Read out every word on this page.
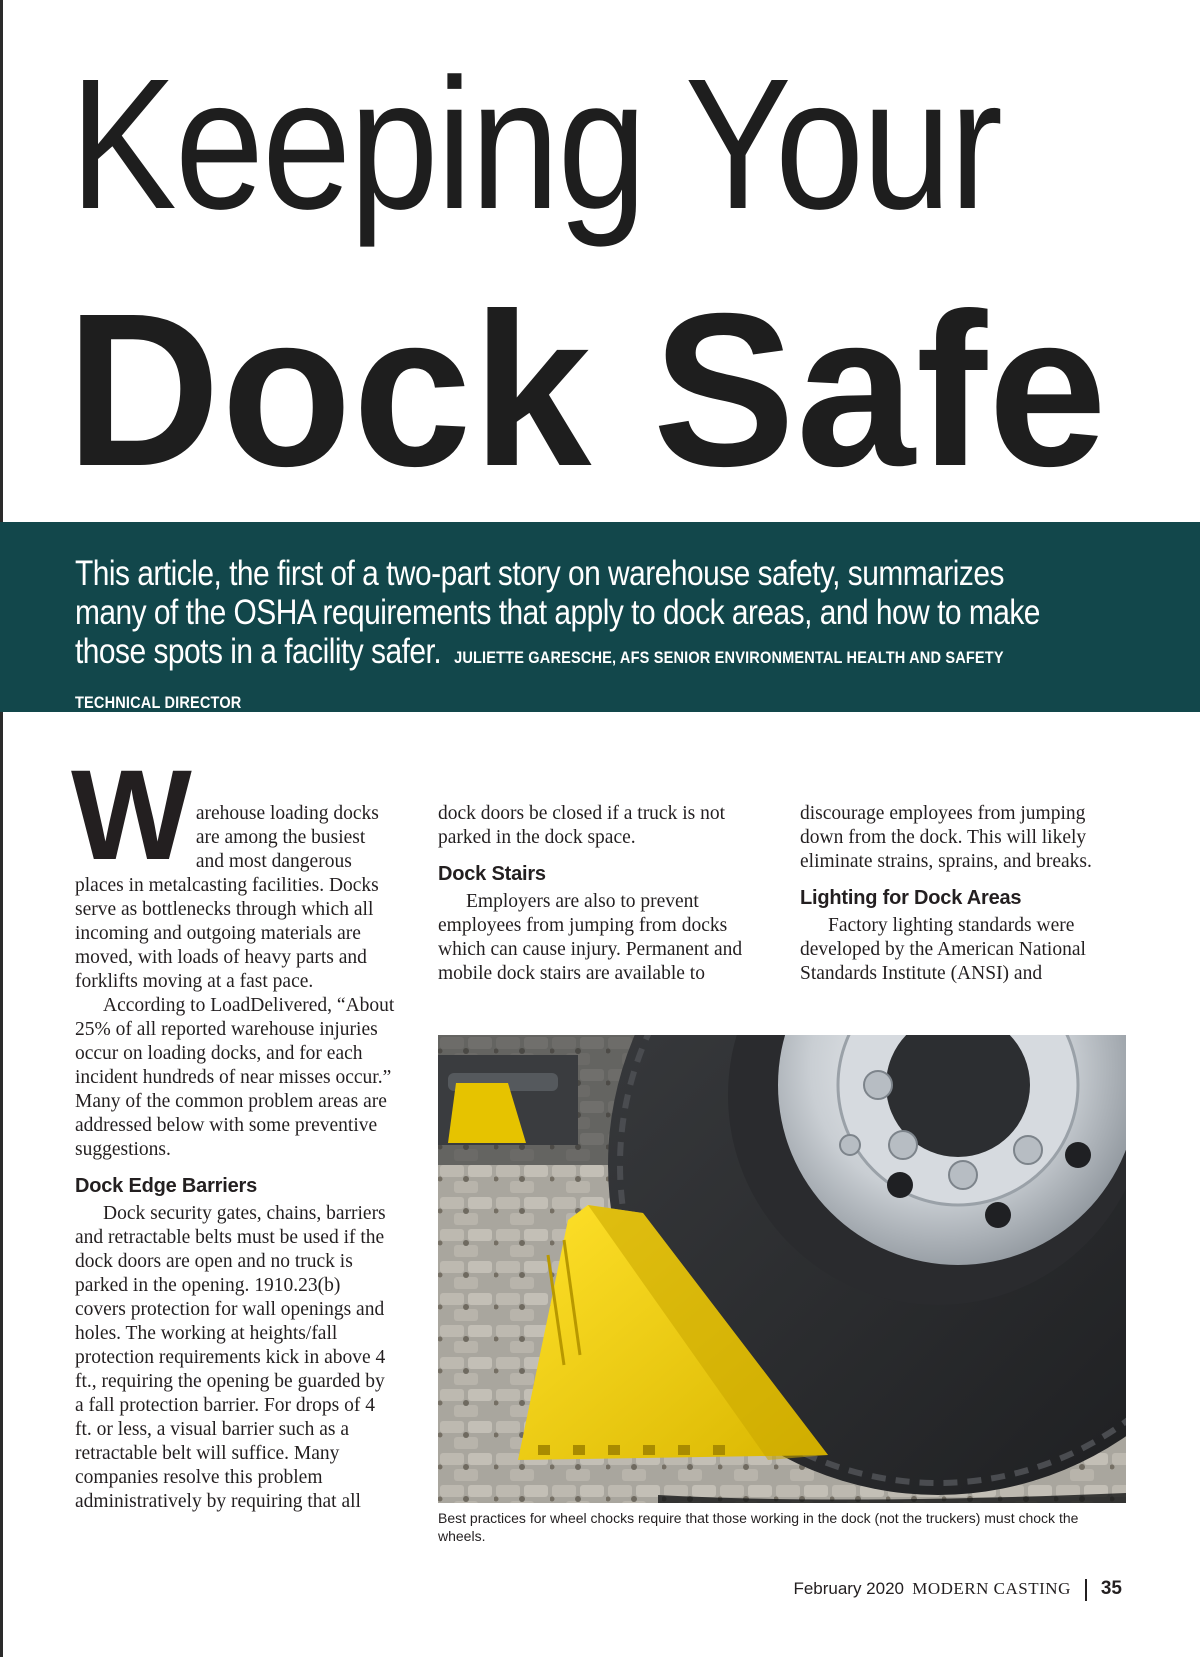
Keeping Your
Dock Safe

This article, the first of a two-part story on warehouse safety, summarizes many of the OSHA requirements that apply to dock areas, and how to make those spots in a facility safer. JULIETTE GARESCHE, AFS SENIOR ENVIRONMENTAL HEALTH AND SAFETY TECHNICAL DIRECTOR

W arehouse loading docks are among the busiest and most dangerous places in metalcasting facilities. Docks serve as bottlenecks through which all incoming and outgoing materials are moved, with loads of heavy parts and forklifts moving at a fast pace.

According to LoadDelivered, “About 25% of all reported warehouse injuries occur on loading docks, and for each incident hundreds of near misses occur.” Many of the common problem areas are addressed below with some preventive suggestions.

Dock Edge Barriers

Dock security gates, chains, barriers and retractable belts must be used if the dock doors are open and no truck is parked in the opening. 1910.23(b) covers protection for wall openings and holes. The working at heights/fall protection requirements kick in above 4 ft., requiring the opening be guarded by a fall protection barrier. For drops of 4 ft. or less, a visual barrier such as a retractable belt will suffice. Many companies resolve this problem administratively by requiring that all

dock doors be closed if a truck is not parked in the dock space.

Dock Stairs

Employers are also to prevent employees from jumping from docks which can cause injury. Permanent and mobile dock stairs are available to

discourage employees from jumping down from the dock. This will likely eliminate strains, sprains, and breaks.

Lighting for Dock Areas

Factory lighting standards were developed by the American National Standards Institute (ANSI) and

Best practices for wheel chocks require that those working in the dock (not the truckers) must chock the wheels.

February 2020 MODERN CASTING 35
